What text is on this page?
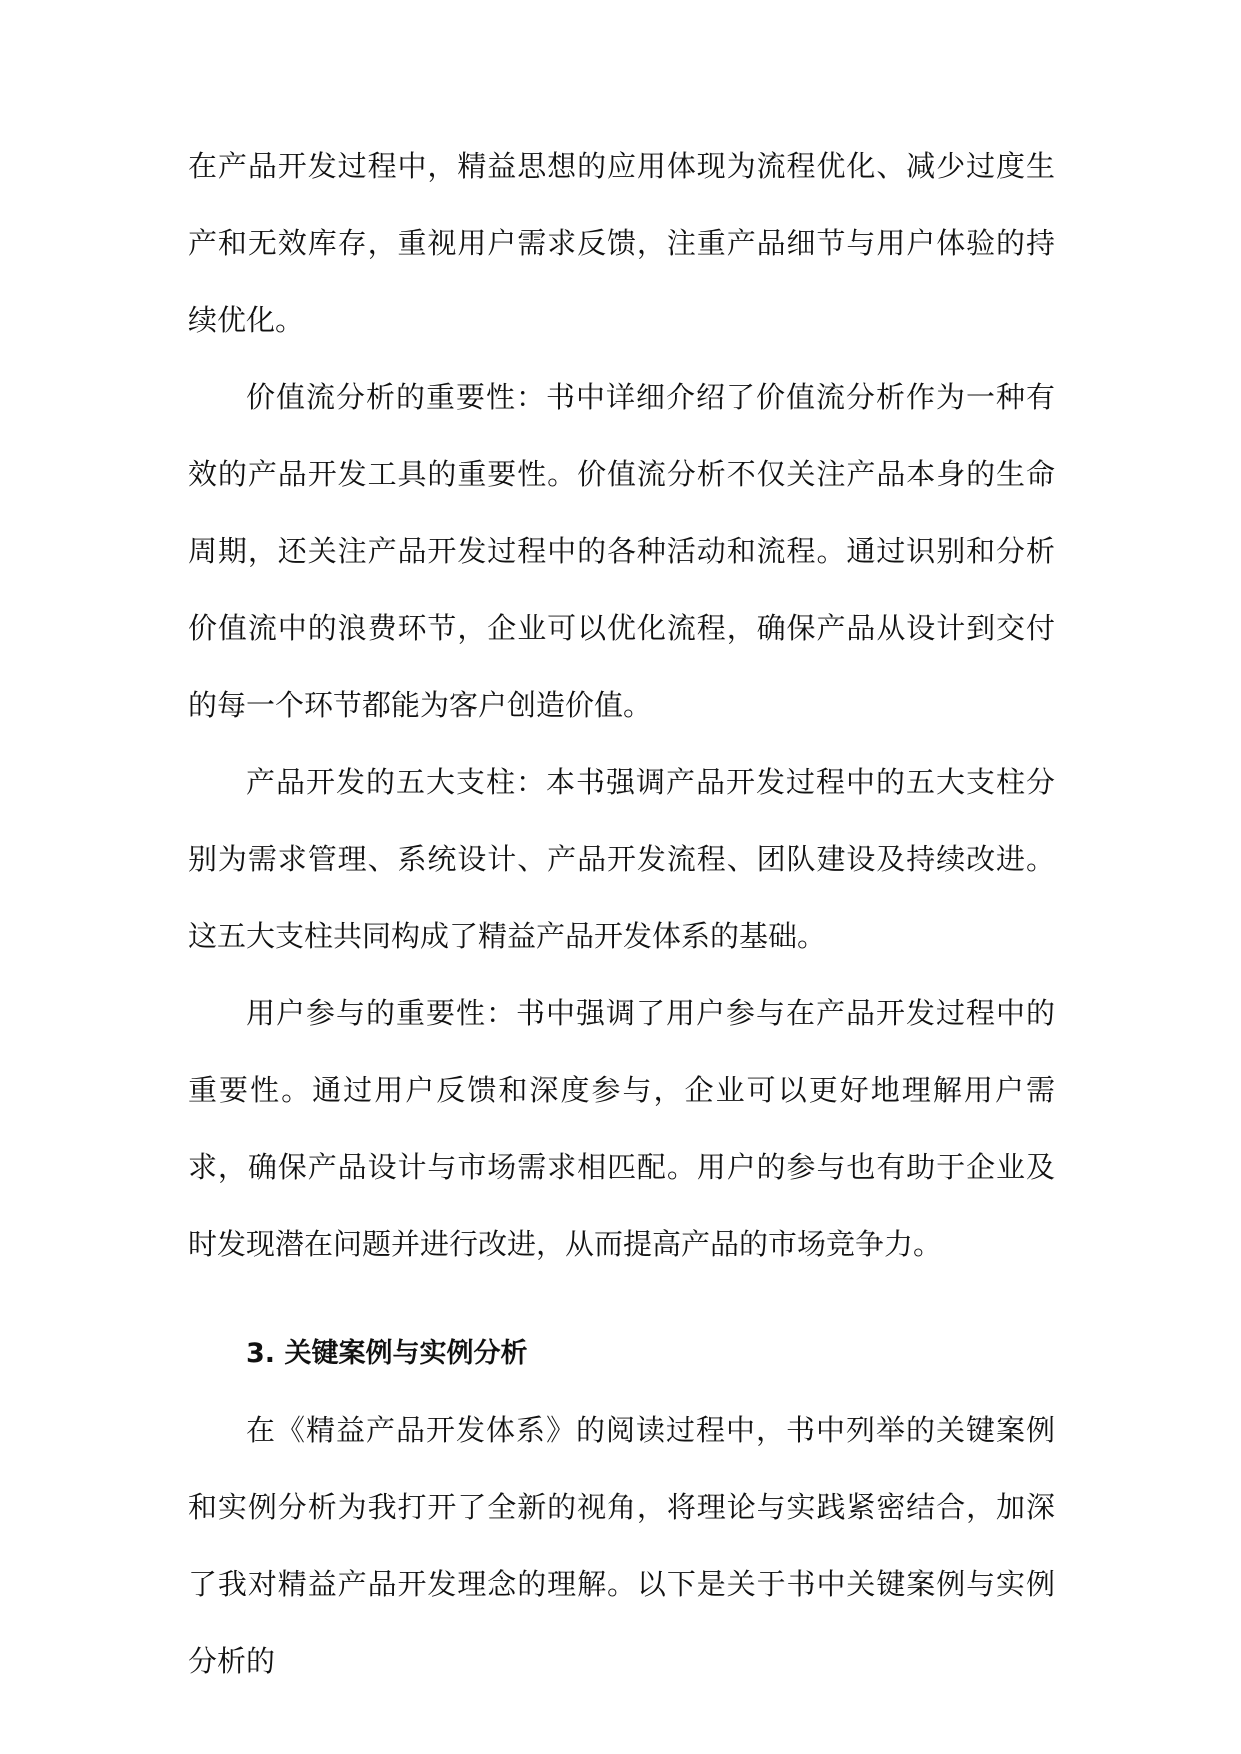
在产品开发过程中，精益思想的应用体现为流程优化、减少过度生产和无效库存，重视用户需求反馈，注重产品细节与用户体验的持续优化。

价值流分析的重要性：书中详细介绍了价值流分析作为一种有效的产品开发工具的重要性。价值流分析不仅关注产品本身的生命周期，还关注产品开发过程中的各种活动和流程。通过识别和分析价值流中的浪费环节，企业可以优化流程，确保产品从设计到交付的每一个环节都能为客户创造价值。

产品开发的五大支柱：本书强调产品开发过程中的五大支柱分别为需求管理、系统设计、产品开发流程、团队建设及持续改进。这五大支柱共同构成了精益产品开发体系的基础。

用户参与的重要性：书中强调了用户参与在产品开发过程中的重要性。通过用户反馈和深度参与，企业可以更好地理解用户需求，确保产品设计与市场需求相匹配。用户的参与也有助于企业及时发现潜在问题并进行改进，从而提高产品的市场竞争力。

3. 关键案例与实例分析

在《精益产品开发体系》的阅读过程中，书中列举的关键案例和实例分析为我打开了全新的视角，将理论与实践紧密结合，加深了我对精益产品开发理念的理解。以下是关于书中关键案例与实例分析的
